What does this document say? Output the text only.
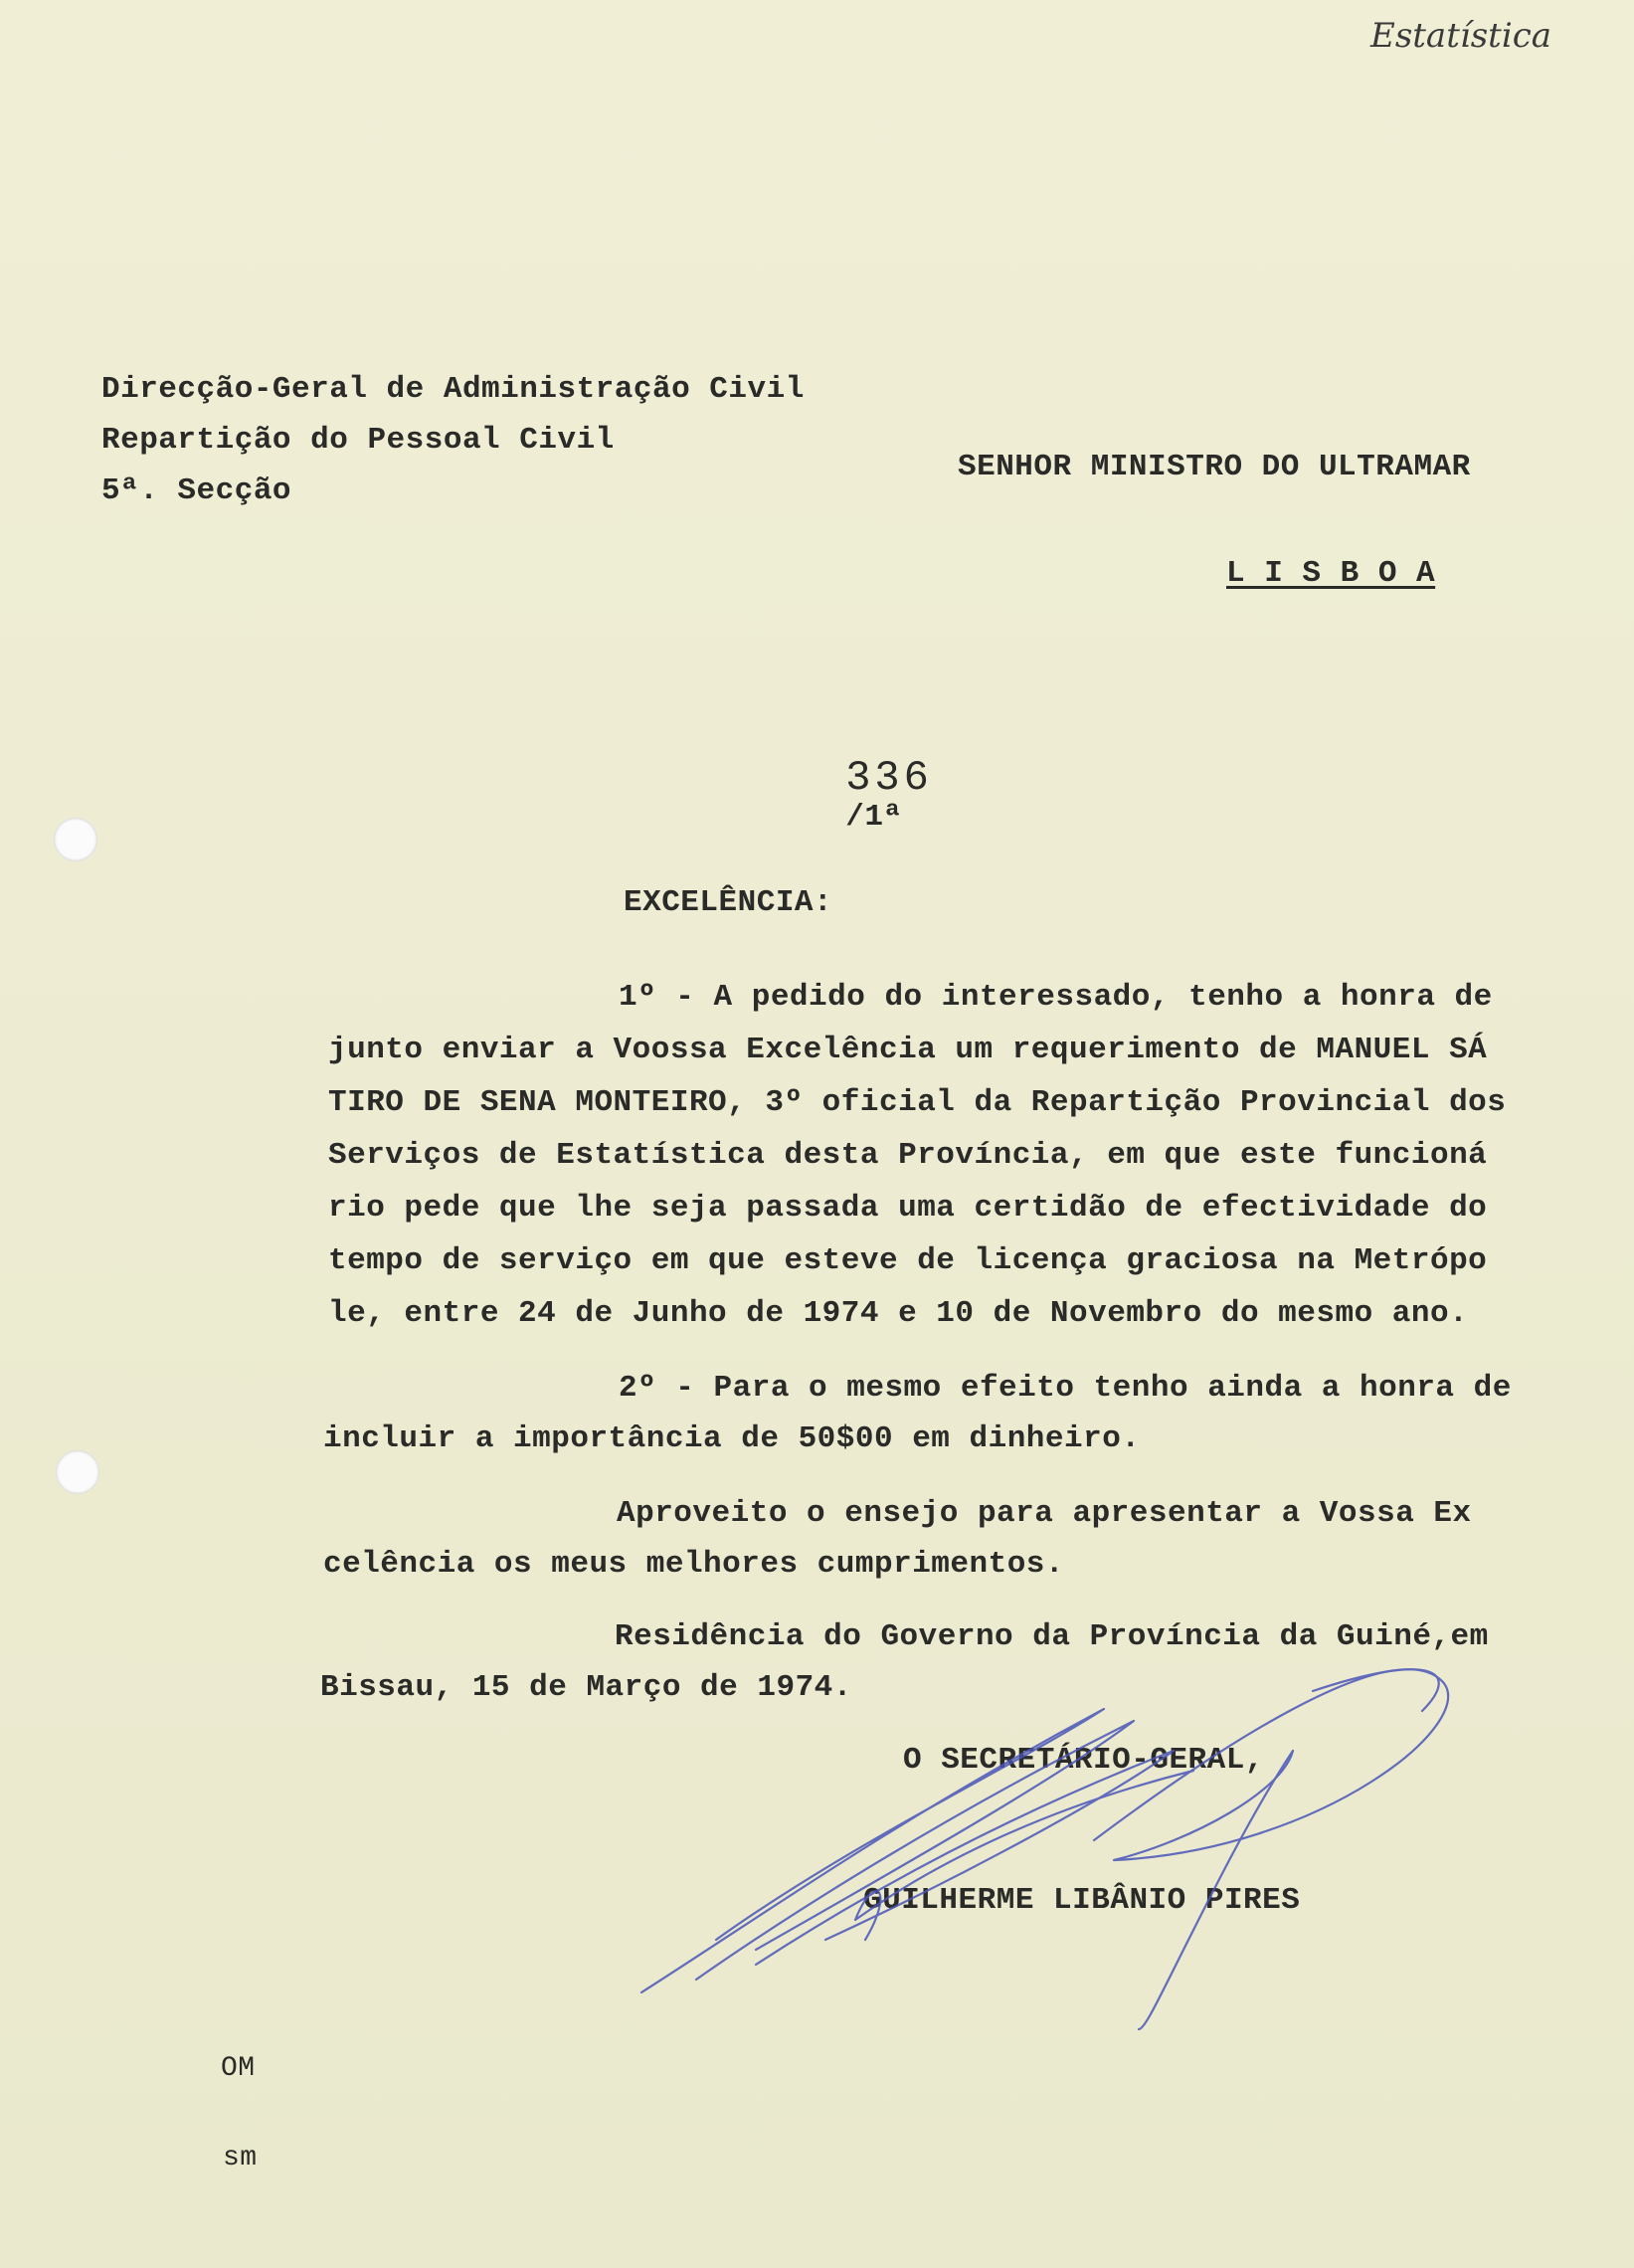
Estatística
Direcção-Geral de Administração Civil
Repartição do Pessoal Civil
5ª. Secção
SENHOR MINISTRO DO ULTRAMAR
L I S B O A

336
/1ª

EXCELÊNCIA:
1º - A pedido do interessado, tenho a honra de
junto enviar a Voossa Excelência um requerimento de MANUEL SÁ
TIRO DE SENA MONTEIRO, 3º oficial da Repartição Provincial dos
Serviços de Estatística desta Província, em que este funcioná
rio pede que lhe seja passada uma certidão de efectividade do
tempo de serviço em que esteve de licença graciosa na Metrópo
le, entre 24 de Junho de 1974 e 10 de Novembro do mesmo ano.
2º - Para o mesmo efeito tenho ainda a honra de
incluir a importância de 50$00 em dinheiro.
Aproveito o ensejo para apresentar a Vossa Ex
celência os meus melhores cumprimentos.
Residência do Governo da Província da Guiné,em
Bissau, 15 de Março de 1974.
O SECRETÁRIO-GERAL,
GUILHERME LIBÂNIO PIRES
OM
sm
